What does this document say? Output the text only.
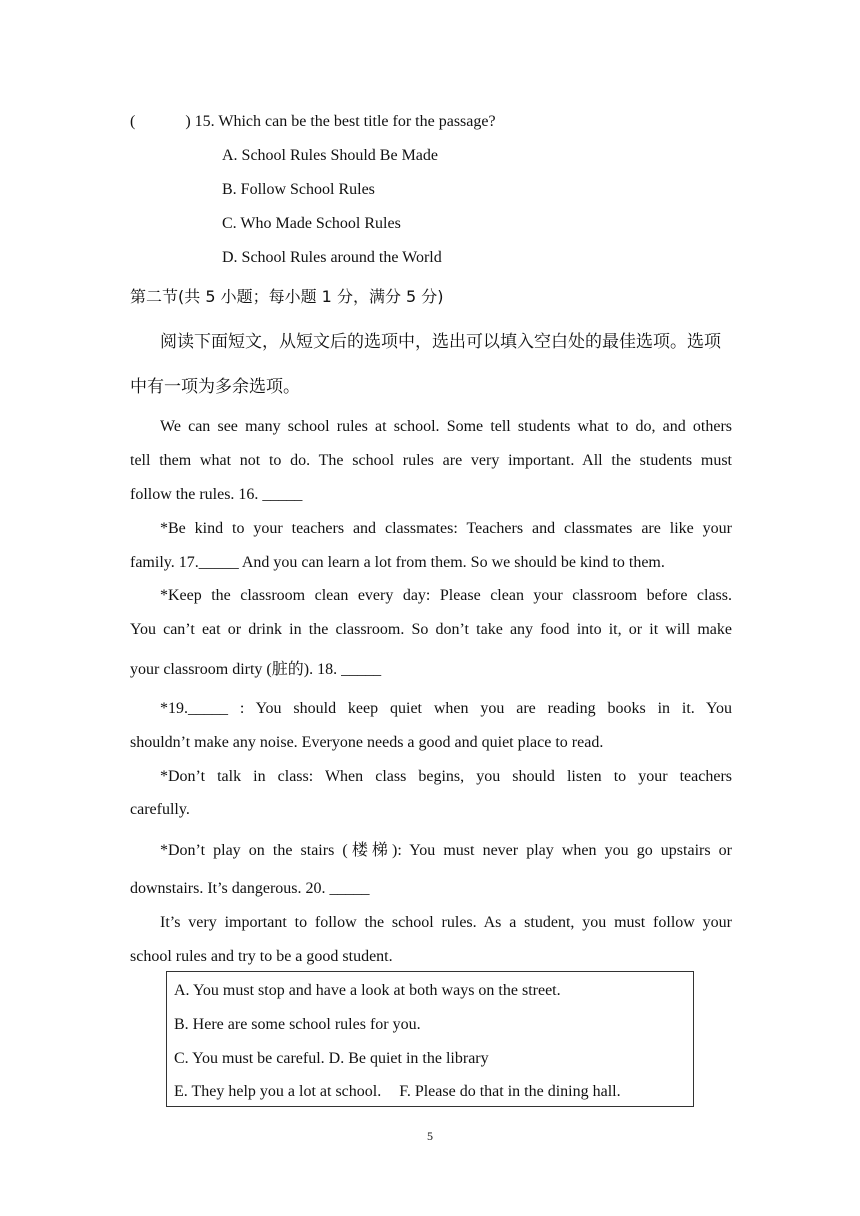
(	) 15. Which can be the best title for the passage?
A. School Rules Should Be Made
B. Follow School Rules
C. Who Made School Rules
D. School Rules around the World
第二节(共 5 小题；每小题 1 分，满分 5 分)
阅读下面短文，从短文后的选项中，选出可以填入空白处的最佳选项。选项
中有一项为多余选项。
We can see many school rules at school. Some tell students what to do, and others
tell them what not to do. The school rules are very important. All the students must
follow the rules. 16. _____
*Be kind to your teachers and classmates: Teachers and classmates are like your
family. 17._____ And you can learn a lot from them. So we should be kind to them.
*Keep the classroom clean every day: Please clean your classroom before class.
You can’t eat or drink in the classroom. So don’t take any food into it, or it will make
your classroom dirty (脏的). 18. _____
*19._____ : You should keep quiet when you are reading books in it. You
shouldn’t make any noise. Everyone needs a good and quiet place to read.
*Don’t talk in class: When class begins, you should listen to your teachers
carefully.
*Don’t play on the stairs (楼梯): You must never play when you go upstairs or
downstairs. It’s dangerous. 20. _____
It’s very important to follow the school rules. As a student, you must follow your
school rules and try to be a good student.
A. You must stop and have a look at both ways on the street.
B. Here are some school rules for you.
C. You must be careful. D. Be quiet in the library
E. They help you a lot at school. F. Please do that in the dining hall.
5
